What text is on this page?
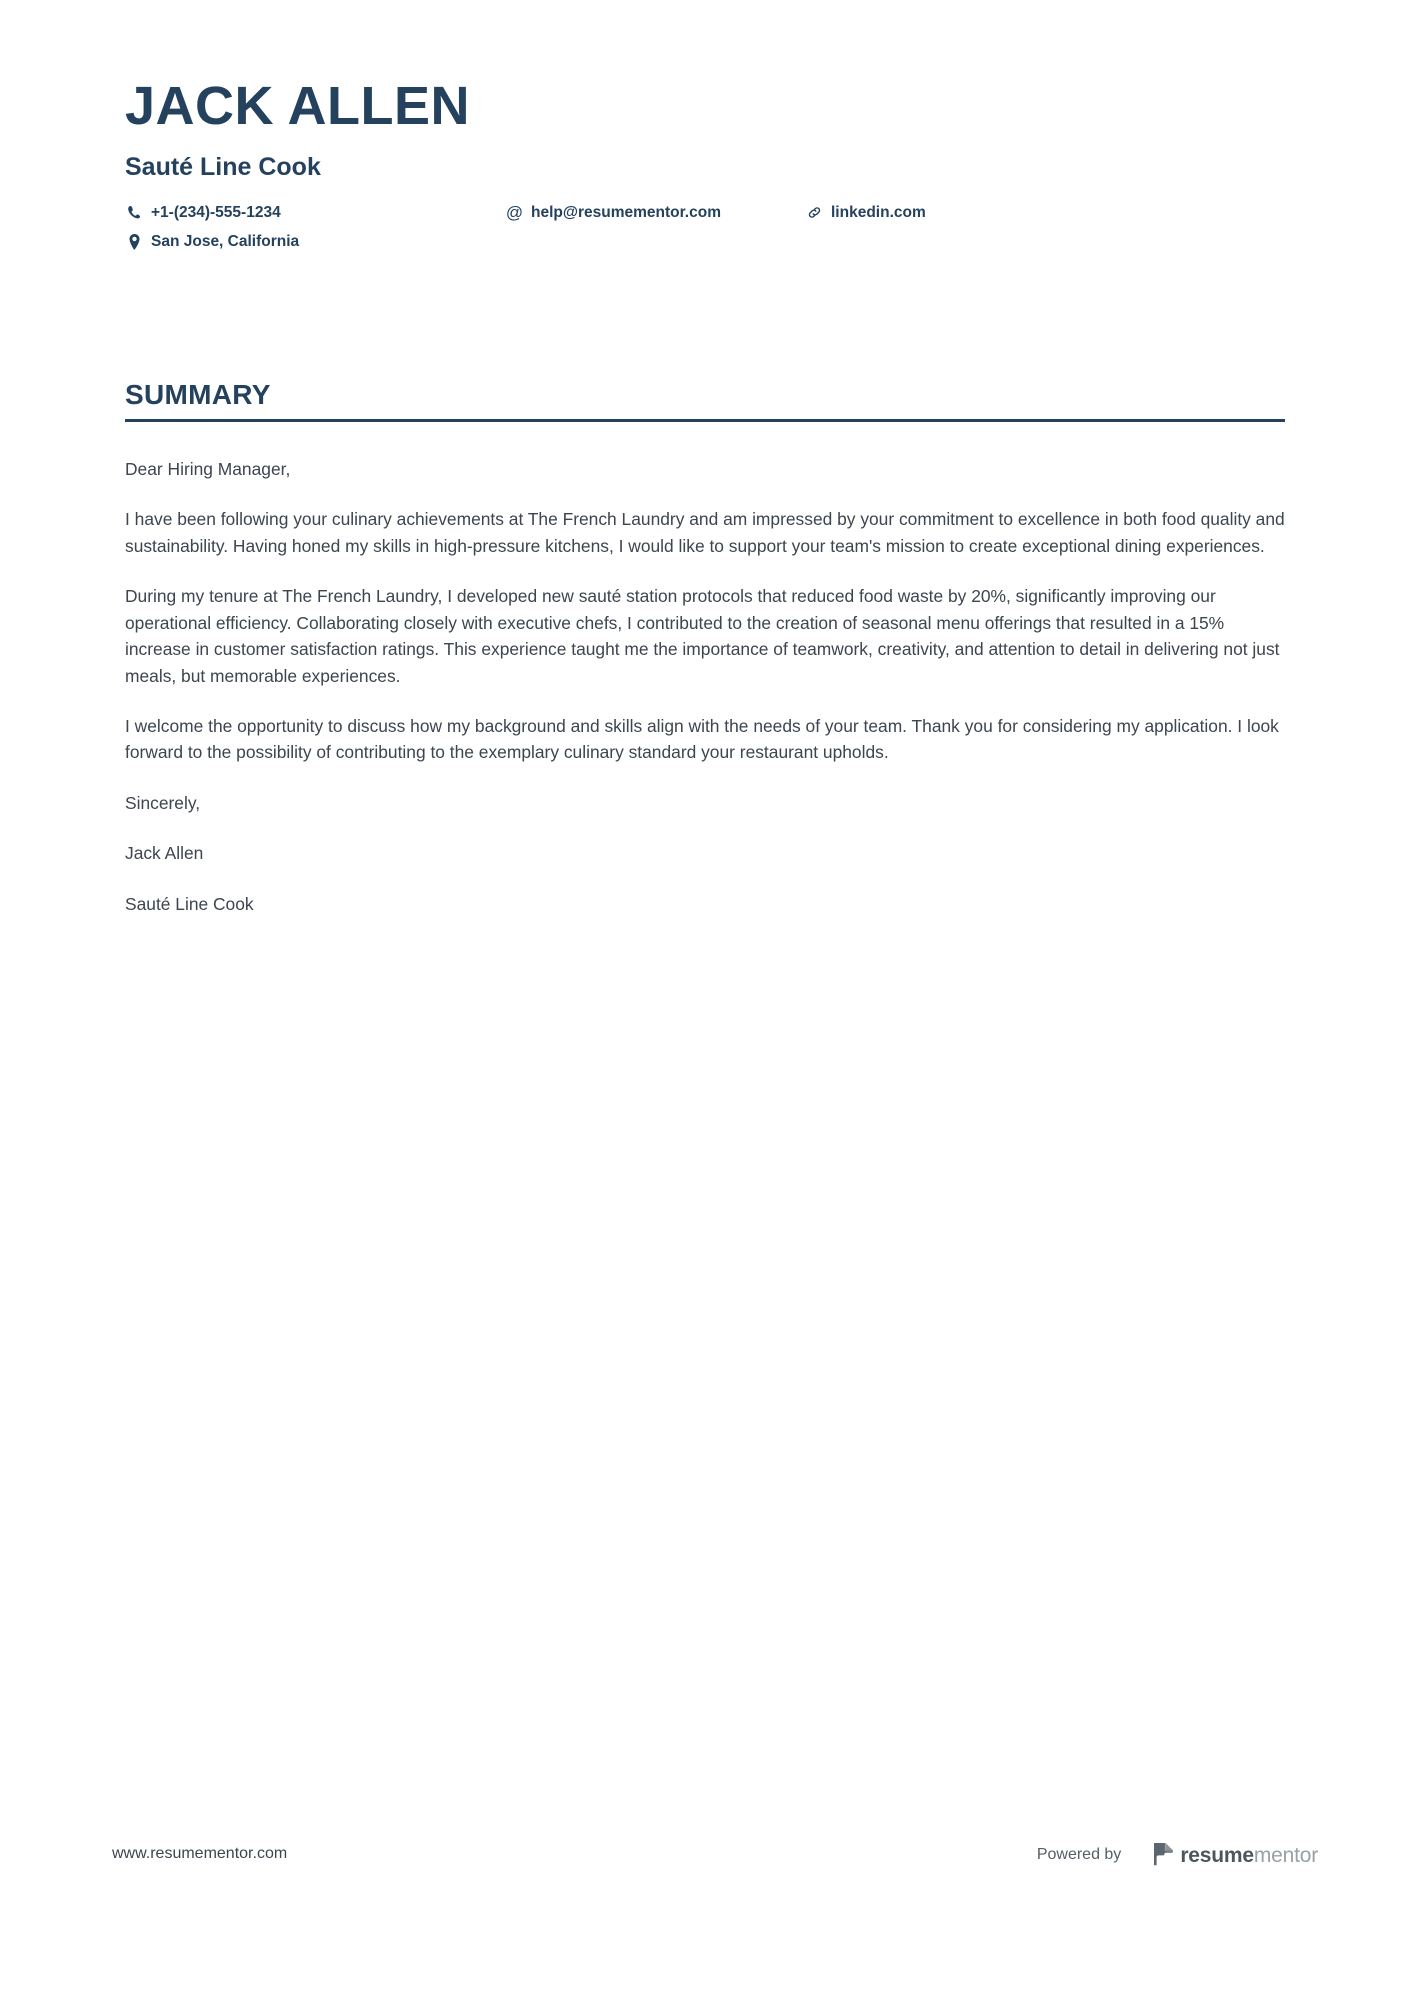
JACK ALLEN
Sauté Line Cook
+1-(234)-555-1234	@ help@resumementor.com	linkedin.com
San Jose, California
SUMMARY

Dear Hiring Manager,

I have been following your culinary achievements at The French Laundry and am impressed by your commitment to excellence in both food quality and sustainability. Having honed my skills in high-pressure kitchens, I would like to support your team's mission to create exceptional dining experiences.

During my tenure at The French Laundry, I developed new sauté station protocols that reduced food waste by 20%, significantly improving our operational efficiency. Collaborating closely with executive chefs, I contributed to the creation of seasonal menu offerings that resulted in a 15% increase in customer satisfaction ratings. This experience taught me the importance of teamwork, creativity, and attention to detail in delivering not just meals, but memorable experiences.

I welcome the opportunity to discuss how my background and skills align with the needs of your team. Thank you for considering my application. I look forward to the possibility of contributing to the exemplary culinary standard your restaurant upholds.

Sincerely,

Jack Allen

Sauté Line Cook

www.resumementor.com	Powered by	resumementor
